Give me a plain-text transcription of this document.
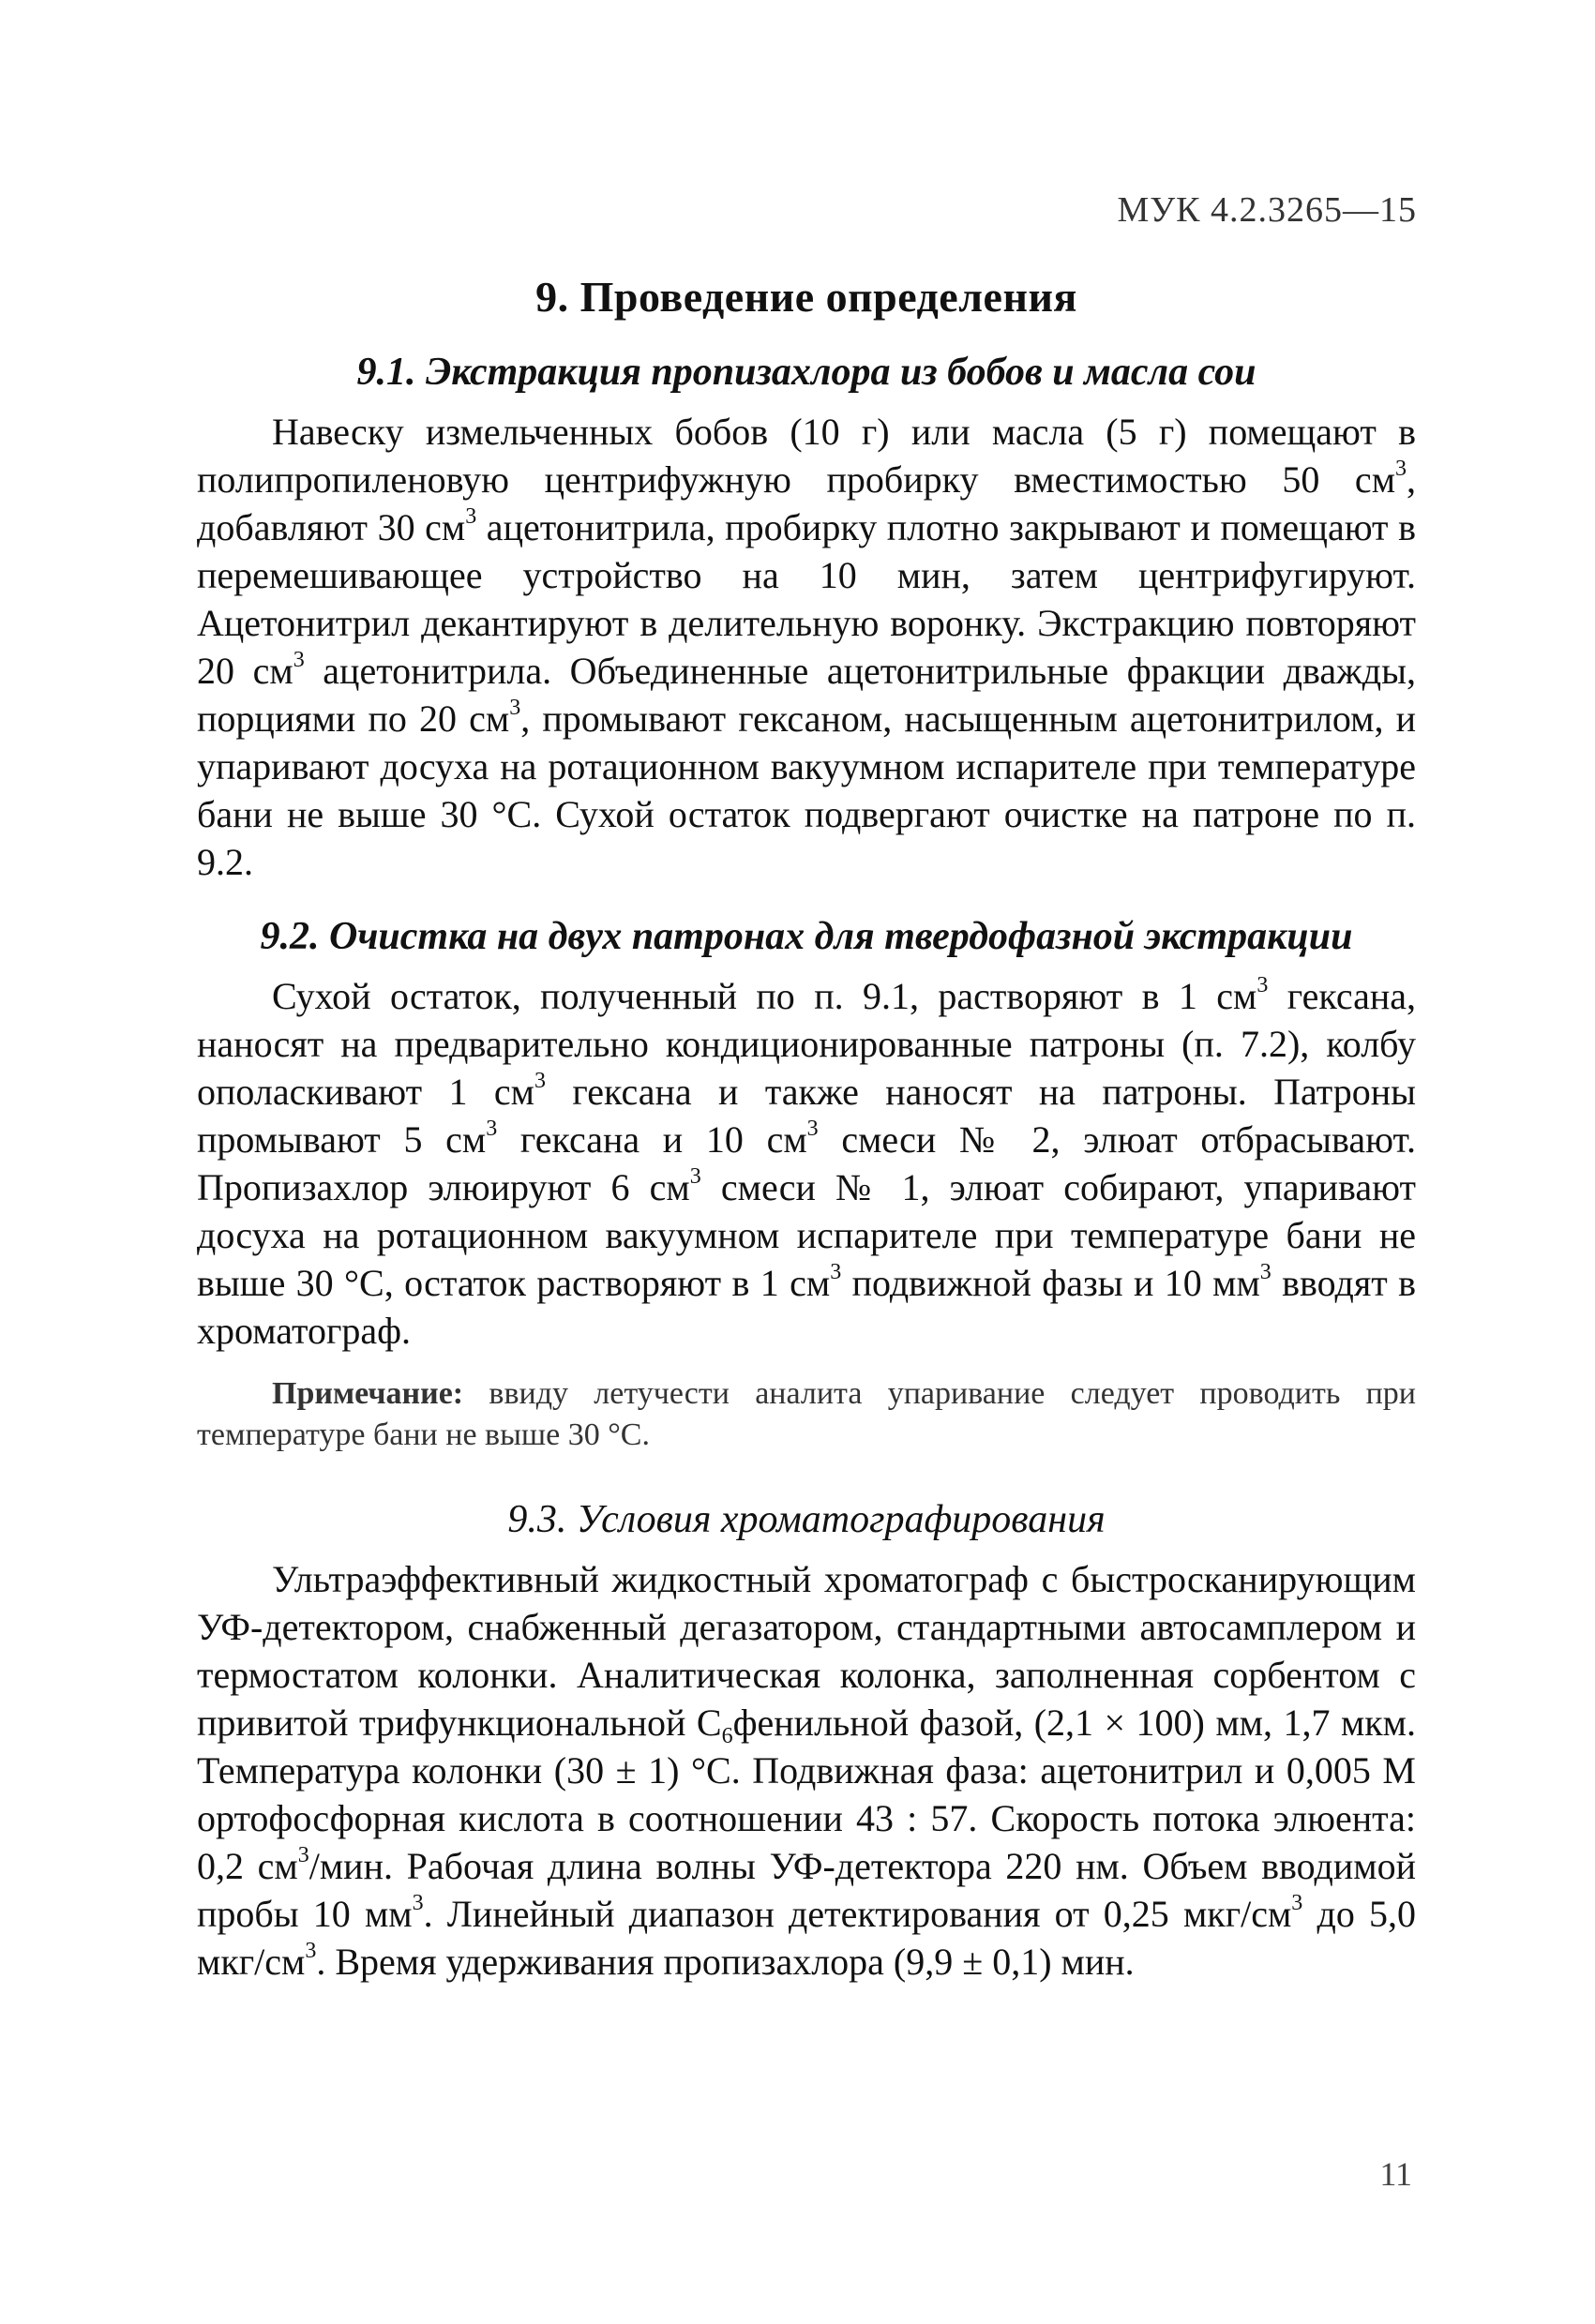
МУК 4.2.3265—15
9. Проведение определения
9.1. Экстракция пропизахлора из бобов и масла сои

Навеску измельченных бобов (10 г) или масла (5 г) помещают в полипропиленовую центрифужную пробирку вместимостью 50 $см^3$, добавляют 30 $см^3$ ацетонитрила, пробирку плотно закрывают и помещают в перемешивающее устройство на 10 мин, затем центрифугируют. Ацетонитрил декантируют в делительную воронку. Экстракцию повторяют 20 $см^3$ ацетонитрила. Объединенные ацетонитрильные фракции дважды, порциями по 20 $см^3$, промывают гексаном, насыщенным ацетонитрилом, и упаривают досуха на ротационном вакуумном испарителе при температуре бани не выше 30 °С. Сухой остаток подвергают очистке на патроне по п. 9.2.

9.2. Очистка на двух патронах для твердофазной экстракции

Сухой остаток, полученный по п. 9.1, растворяют в 1 $см^3$ гексана, наносят на предварительно кондиционированные патроны (п. 7.2), колбу ополаскивают 1 $см^3$ гексана и также наносят на патроны. Патроны промывают 5 $см^3$ гексана и 10 $см^3$ смеси № 2, элюат отбрасывают. Пропизахлор элюируют 6 $см^3$ смеси № 1, элюат собирают, упаривают досуха на ротационном вакуумном испарителе при температуре бани не выше 30 °С, остаток растворяют в 1 $см^3$ подвижной фазы и 10 $мм^3$ вводят в хроматограф.

Примечание: ввиду летучести аналита упаривание следует проводить при температуре бани не выше 30 °С.

9.3. Условия хроматографирования

Ультраэффективный жидкостный хроматограф с быстросканирующим УФ-детектором, снабженный дегазатором, стандартными автосамплером и термостатом колонки. Аналитическая колонка, заполненная сорбентом с привитой трифункциональной $С_6фенильной$ фазой, (2,1 × 100) мм, 1,7 мкм. Температура колонки (30 ± 1) °С. Подвижная фаза: ацетонитрил и 0,005 М ортофосфорная кислота в соотношении 43 : 57. Скорость потока элюента: 0,2 $см^3$/мин. Рабочая длина волны УФ-детектора 220 нм. Объем вводимой пробы 10 $мм^3$. Линейный диапазон детектирования от 0,25 мкг/$см^3$ до 5,0 мкг/$см^3$. Время удерживания пропизахлора (9,9 ± 0,1) мин.

11
